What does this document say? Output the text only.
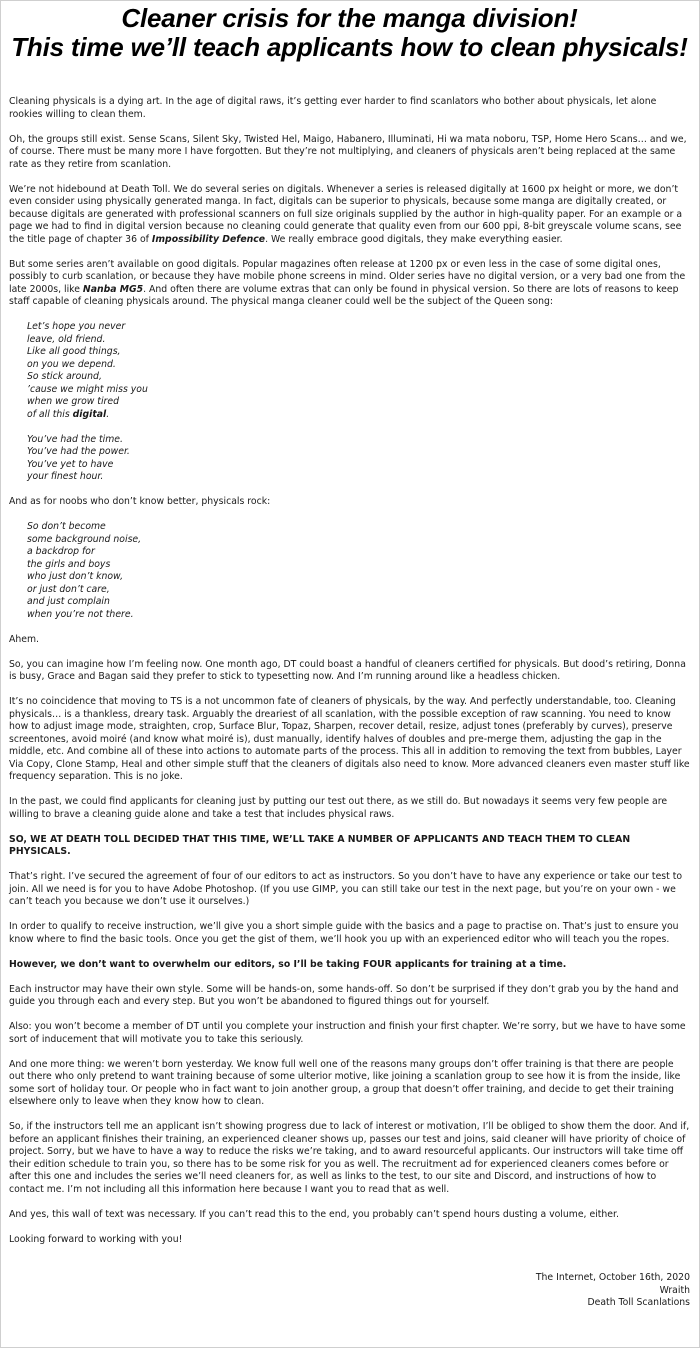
Cleaner crisis for the manga division!
This time we’ll teach applicants how to clean physicals!

Cleaning physicals is a dying art. In the age of digital raws, it’s getting ever harder to find scanlators who bother about physicals, let alone rookies willing to clean them.

Oh, the groups still exist. Sense Scans, Silent Sky, Twisted Hel, Maigo, Habanero, Illuminati, Hi wa mata noboru, TSP, Home Hero Scans… and we, of course. There must be many more I have forgotten. But they’re not multiplying, and cleaners of physicals aren’t being replaced at the same rate as they retire from scanlation.

We’re not hidebound at Death Toll. We do several series on digitals. Whenever a series is released digitally at 1600 px height or more, we don’t even consider using physically generated manga. In fact, digitals can be superior to physicals, because some manga are digitally created, or because digitals are generated with professional scanners on full size originals supplied by the author in high-quality paper. For an example or a page we had to find in digital version because no cleaning could generate that quality even from our 600 ppi, 8-bit greyscale volume scans, see the title page of chapter 36 of Impossibility Defence. We really embrace good digitals, they make everything easier.

But some series aren’t available on good digitals. Popular magazines often release at 1200 px or even less in the case of some digital ones, possibly to curb scanlation, or because they have mobile phone screens in mind. Older series have no digital version, or a very bad one from the late 2000s, like Nanba MG5. And often there are volume extras that can only be found in physical version. So there are lots of reasons to keep staff capable of cleaning physicals around. The physical manga cleaner could well be the subject of the Queen song:

Let’s hope you never
leave, old friend.
Like all good things,
on you we depend.
So stick around,
’cause we might miss you
when we grow tired
of all this digital.
You’ve had the time.
You’ve had the power.
You’ve yet to have
your finest hour.

And as for noobs who don’t know better, physicals rock:

So don’t become
some background noise,
a backdrop for
the girls and boys
who just don’t know,
or just don’t care,
and just complain
when you’re not there.

Ahem.

So, you can imagine how I’m feeling now. One month ago, DT could boast a handful of cleaners certified for physicals. But dood’s retiring, Donna is busy, Grace and Bagan said they prefer to stick to typesetting now. And I’m running around like a headless chicken.

It’s no coincidence that moving to TS is a not uncommon fate of cleaners of physicals, by the way. And perfectly understandable, too. Cleaning physicals… is a thankless, dreary task. Arguably the dreariest of all scanlation, with the possible exception of raw scanning. You need to know how to adjust image mode, straighten, crop, Surface Blur, Topaz, Sharpen, recover detail, resize, adjust tones (preferably by curves), preserve screentones, avoid moiré (and know what moiré is), dust manually, identify halves of doubles and pre-merge them, adjusting the gap in the middle, etc. And combine all of these into actions to automate parts of the process. This all in addition to removing the text from bubbles, Layer Via Copy, Clone Stamp, Heal and other simple stuff that the cleaners of digitals also need to know. More advanced cleaners even master stuff like frequency separation. This is no joke.

In the past, we could find applicants for cleaning just by putting our test out there, as we still do. But nowadays it seems very few people are willing to brave a cleaning guide alone and take a test that includes physical raws.

SO, WE AT DEATH TOLL DECIDED THAT THIS TIME, WE’LL TAKE A NUMBER OF APPLICANTS AND TEACH THEM TO CLEAN PHYSICALS.

That’s right. I’ve secured the agreement of four of our editors to act as instructors. So you don’t have to have any experience or take our test to join. All we need is for you to have Adobe Photoshop. (If you use GIMP, you can still take our test in the next page, but you’re on your own - we can’t teach you because we don’t use it ourselves.)

In order to qualify to receive instruction, we’ll give you a short simple guide with the basics and a page to practise on. That’s just to ensure you know where to find the basic tools. Once you get the gist of them, we’ll hook you up with an experienced editor who will teach you the ropes.

However, we don’t want to overwhelm our editors, so I’ll be taking FOUR applicants for training at a time.

Each instructor may have their own style. Some will be hands-on, some hands-off. So don’t be surprised if they don’t grab you by the hand and guide you through each and every step. But you won’t be abandoned to figured things out for yourself.

Also: you won’t become a member of DT until you complete your instruction and finish your first chapter. We’re sorry, but we have to have some sort of inducement that will motivate you to take this seriously.

And one more thing: we weren’t born yesterday. We know full well one of the reasons many groups don’t offer training is that there are people out there who only pretend to want training because of some ulterior motive, like joining a scanlation group to see how it is from the inside, like some sort of holiday tour. Or people who in fact want to join another group, a group that doesn’t offer training, and decide to get their training elsewhere only to leave when they know how to clean.

So, if the instructors tell me an applicant isn’t showing progress due to lack of interest or motivation, I’ll be obliged to show them the door. And if, before an applicant finishes their training, an experienced cleaner shows up, passes our test and joins, said cleaner will have priority of choice of project. Sorry, but we have to have a way to reduce the risks we’re taking, and to award resourceful applicants. Our instructors will take time off their edition schedule to train you, so there has to be some risk for you as well. The recruitment ad for experienced cleaners comes before or after this one and includes the series we’ll need cleaners for, as well as links to the test, to our site and Discord, and instructions of how to contact me. I’m not including all this information here because I want you to read that as well.

And yes, this wall of text was necessary. If you can’t read this to the end, you probably can’t spend hours dusting a volume, either.

Looking forward to working with you!

The Internet, October 16th, 2020
Wraith
Death Toll Scanlations
